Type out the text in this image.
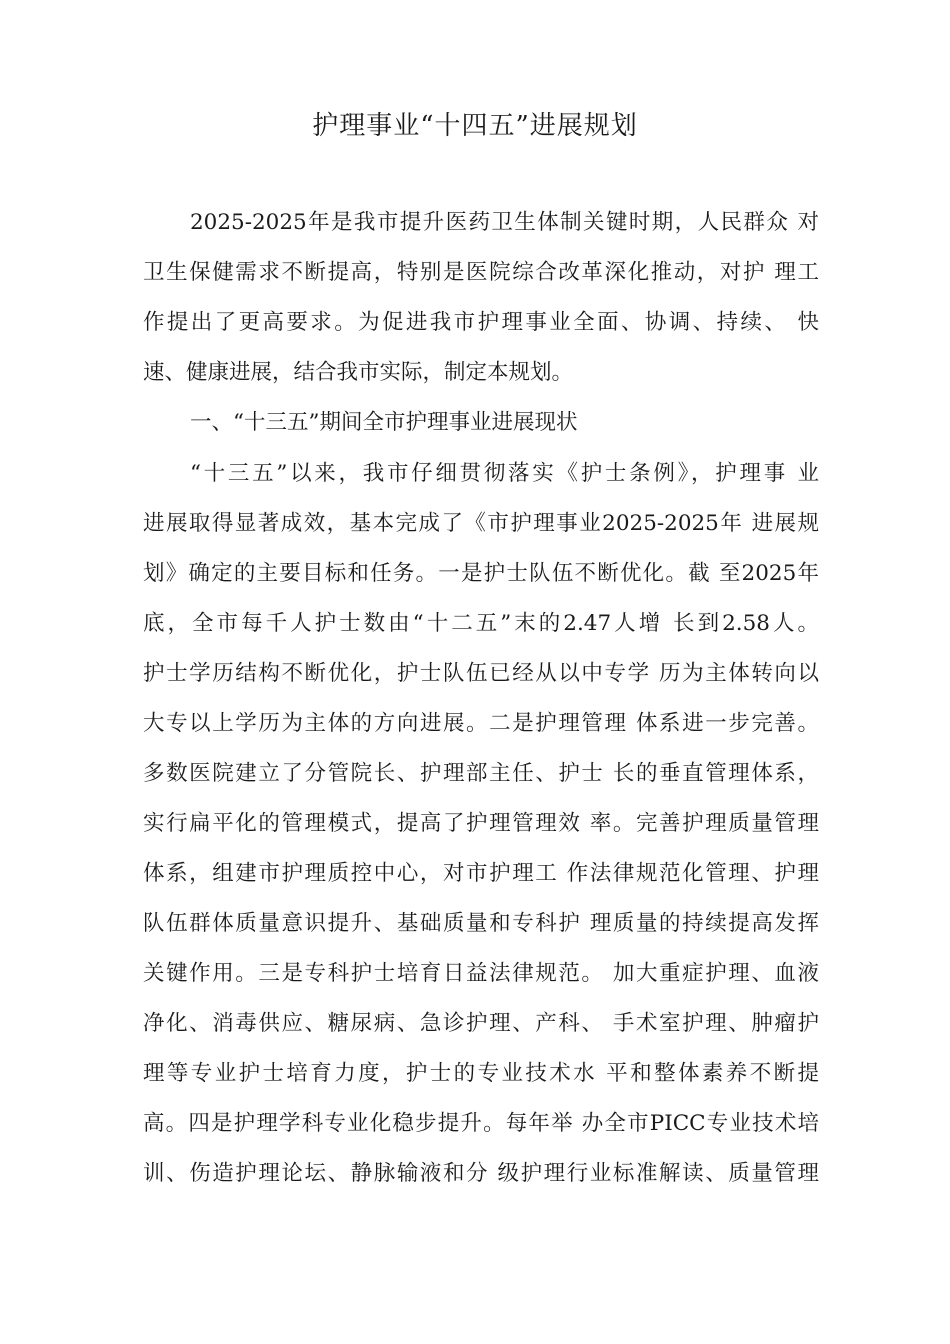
护理事业“十四五”进展规划
2025-2025年是我市提升医药卫生体制关键时期，人民群众 对
卫生保健需求不断提高，特别是医院综合改革深化推动，对护 理工
作提出了更高要求。为促进我市护理事业全面、协调、持续、 快
速、健康进展，结合我市实际，制定本规划。
一、“十三五”期间全市护理事业进展现状
“十三五”以来，我市仔细贯彻落实《护士条例》，护理事 业
进展取得显著成效，基本完成了《市护理事业2025-2025年 进展规
划》确定的主要目标和任务。一是护士队伍不断优化。截 至2025年
底，全市每千人护士数由“十二五”末的2.47人增 长到2.58人。
护士学历结构不断优化，护士队伍已经从以中专学 历为主体转向以
大专以上学历为主体的方向进展。二是护理管理 体系进一步完善。
多数医院建立了分管院长、护理部主任、护士 长的垂直管理体系，
实行扁平化的管理模式，提高了护理管理效 率。完善护理质量管理
体系，组建市护理质控中心，对市护理工 作法律规范化管理、护理
队伍群体质量意识提升、基础质量和专科护 理质量的持续提高发挥
关键作用。三是专科护士培育日益法律规范。 加大重症护理、血液
净化、消毒供应、糖尿病、急诊护理、产科、 手术室护理、肿瘤护
理等专业护士培育力度，护士的专业技术水 平和整体素养不断提
高。四是护理学科专业化稳步提升。每年举 办全市PICC专业技术培
训、伤造护理论坛、静脉输液和分 级护理行业标准解读、质量管理
